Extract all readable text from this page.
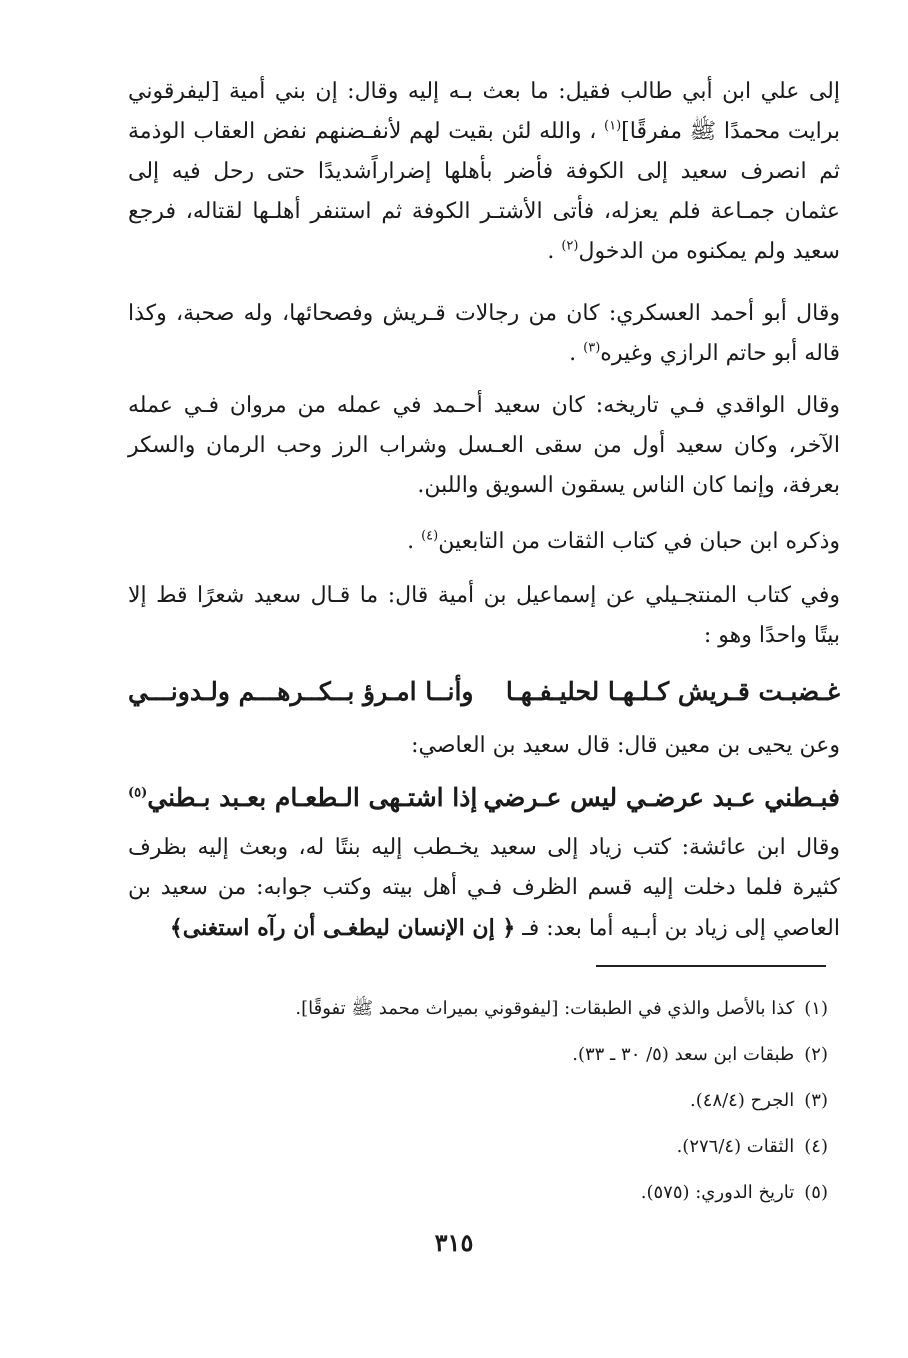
إلى علي ابن أبي طالب فقيل: ما بعث بـه إليه وقال: إن بني أمية [ليفرقوني برايت محمدًا ﷺ مفرقًا]$^{(١)}$ ، والله لئن بقيت لهم لأنفـضنهم نفض العقاب الوذمة ثم انصرف سعيد إلى الكوفة فأضر بأهلها إضراراًشديدًا حتى رحل فيه إلى عثمان جمـاعة فلم يعزله، فأتى الأشتـر الكوفة ثم استنفر أهلـها لقتاله، فرجع سعيد ولم يمكنوه من الدخول$^{(٢)}$ .

وقال أبو أحمد العسكري: كان من رجالات قـريش وفصحائها، وله صحبة، وكذا قاله أبو حاتم الرازي وغيره$^{(٣)}$ .

وقال الواقدي فـي تاريخه: كان سعيد أحـمد في عمله من مروان فـي عمله الآخر، وكان سعيد أول من سقى العـسل وشراب الرز وحب الرمان والسكر بعرفة، وإنما كان الناس يسقون السويق واللبن.

وذكره ابن حبان في كتاب الثقات من التابعين$^{(٤)}$ .

وفي كتاب المنتجـيلي عن إسماعيل بن أمية قال: ما قـال سعيد شعرًا قط إلا بيتًا واحدًا وهو :

غـضبـت قـريش كـلـهـا لحليـفـهـا
وأنــا امـرؤ بــكــرهـــم ولـدونـــي

وعن يحيى بن معين قال: قال سعيد بن العاصي:

فبـطني عـبد عرضـي ليس عـرضي
إذا اشتـهى الـطعـام بعـبد بـطني$^{(٥)}$

وقال ابن عائشة: كتب زياد إلى سعيد يخـطب إليه بنتًا له، وبعث إليه بظرف كثيرة فلما دخلت إليه قسم الظرف فـي أهل بيته وكتب جوابه: من سعيد بن العاصي إلى زياد بن أبـيه أما بعد: فـ ﴿ إن الإنسان ليطغـى أن رآه استغنى﴾

(١)كذا بالأصل والذي في الطبقات: [ليفوقوني بميراث محمد ﷺ تفوقًا].

(٢)طبقات ابن سعد (٥/ ٣٠ ـ ٣٣).

(٣)الجرح (٤٨/٤).

(٤)الثقات (٢٧٦/٤).

(٥)تاريخ الدوري: (٥٧٥).

٣١٥
